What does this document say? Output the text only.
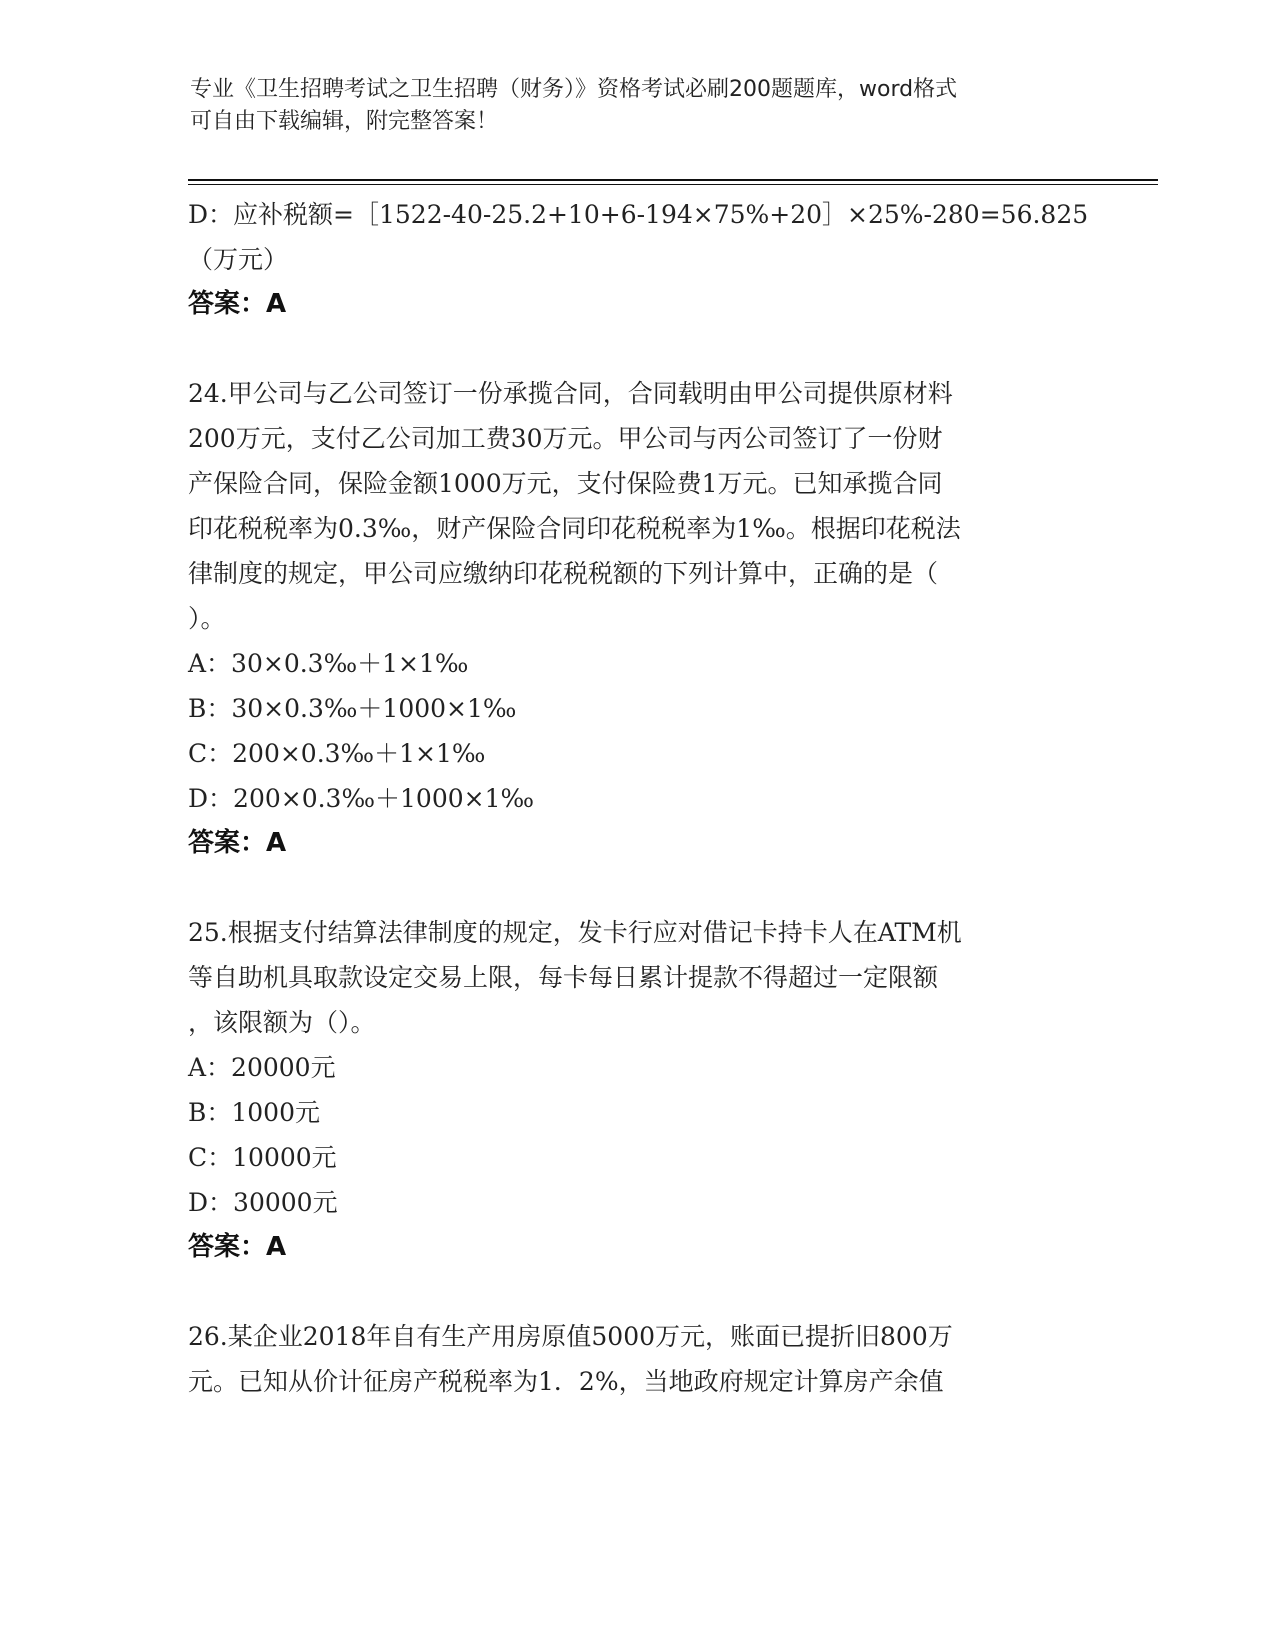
专业《卫生招聘考试之卫生招聘（财务）》资格考试必刷200题题库，word格式
可自由下载编辑，附完整答案！
D：应补税额=［1522-40-25.2+10+6-194×75%+20］×25%-280=56.825
（万元）
答案：A
24.甲公司与乙公司签订一份承揽合同，合同载明由甲公司提供原材料
200万元，支付乙公司加工费30万元。甲公司与丙公司签订了一份财
产保险合同，保险金额1000万元，支付保险费1万元。已知承揽合同
印花税税率为0.3‰，财产保险合同印花税税率为1‰。根据印花税法
律制度的规定，甲公司应缴纳印花税税额的下列计算中，正确的是（
）。
A：30×0.3‰＋1×1‰
B：30×0.3‰＋1000×1‰
C：200×0.3‰＋1×1‰
D：200×0.3‰＋1000×1‰
答案：A
25.根据支付结算法律制度的规定，发卡行应对借记卡持卡人在ATM机
等自助机具取款设定交易上限，每卡每日累计提款不得超过一定限额
，该限额为（）。
A：20000元
B：1000元
C：10000元
D：30000元
答案：A
26.某企业2018年自有生产用房原值5000万元，账面已提折旧800万
元。已知从价计征房产税税率为1．2%，当地政府规定计算房产余值
